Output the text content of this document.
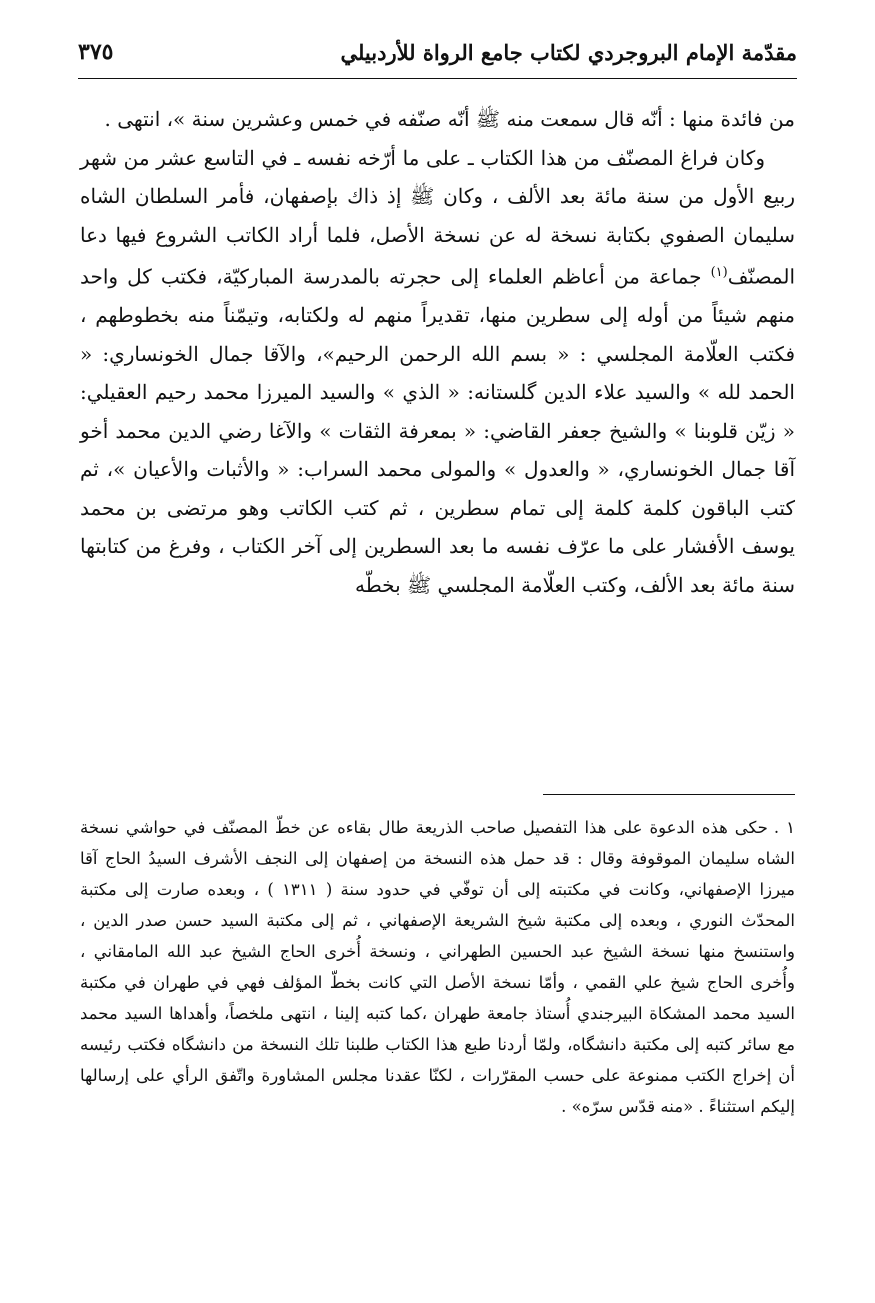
مقدّمة الإمام البروجردي لكتاب جامع الرواة للأردبيلي
٣٧٥

من فائدة منها : أنّه قال سمعت منه ﷺ أنّه صنّفه في خمس وعشرين سنة »، انتهى .

وكان فراغ المصنّف من هذا الكتاب ـ على ما أرّخه نفسه ـ في التاسع عشر من شهر ربيع الأول من سنة مائة بعد الألف ، وكان ﷺ إذ ذاك بإصفهان، فأمر السلطان الشاه سليمان الصفوي بكتابة نسخة له عن نسخة الأصل، فلما أراد الكاتب الشروع فيها دعا المصنّف$^{(١)}$ جماعة من أعاظم العلماء إلى حجرته بالمدرسة المباركيّة، فكتب كل واحد منهم شيئاً من أوله إلى سطرين منها، تقديراً منهم له ولكتابه، وتيمّناً منه بخطوطهم ، فكتب العلّامة المجلسي : « بسم الله الرحمن الرحيم»، والآقا جمال الخونساري: « الحمد لله » والسيد علاء الدين گلستانه: « الذي » والسيد الميرزا محمد رحيم العقيلي: « زيّن قلوبنا » والشيخ جعفر القاضي: « بمعرفة الثقات » والآغا رضي الدين محمد أخو آقا جمال الخونساري، « والعدول » والمولى محمد السراب: « والأثبات والأعيان »، ثم كتب الباقون كلمة كلمة إلى تمام سطرين ، ثم كتب الكاتب وهو مرتضى بن محمد يوسف الأفشار على ما عرّف نفسه ما بعد السطرين إلى آخر الكتاب ، وفرغ من كتابتها سنة مائة بعد الألف، وكتب العلّامة المجلسي ﷺ بخطّه

١ .حكى هذه الدعوة على هذا التفصيل صاحب الذريعة طال بقاءه عن خطّ المصنّف في حواشي نسخة الشاه سليمان الموقوفة وقال : قد حمل هذه النسخة من إصفهان إلى النجف الأشرف السيدُ الحاج آقا ميرزا الإصفهاني، وكانت في مكتبته إلى أن توفّي في حدود سنة ( ١٣١١ ) ، وبعده صارت إلى مكتبة المحدّث النوري ، وبعده إلى مكتبة شيخ الشريعة الإصفهاني ، ثم إلى مكتبة السيد حسن صدر الدين ، واستنسخ منها نسخة الشيخ عبد الحسين الطهراني ، ونسخة أُخرى الحاج الشيخ عبد الله المامقاني ، وأُخرى الحاج شيخ علي القمي ، وأمّا نسخة الأصل التي كانت بخطّ المؤلف فهي في طهران في مكتبة السيد محمد المشكاة البيرجندي أُستاذ جامعة طهران ،كما كتبه إلينا ، انتهى ملخصاً، وأهداها السيد محمد مع سائر كتبه إلى مكتبة دانشگاه، ولمّا أردنا طبع هذا الكتاب طلبنا تلك النسخة من دانشگاه فكتب رئيسه أن إخراج الكتب ممنوعة على حسب المقرّرات ، لكنّا عقدنا مجلس المشاورة واتّفق الرأي على إرسالها إليكم استثناءً . «منه قدّس سرّه» .
